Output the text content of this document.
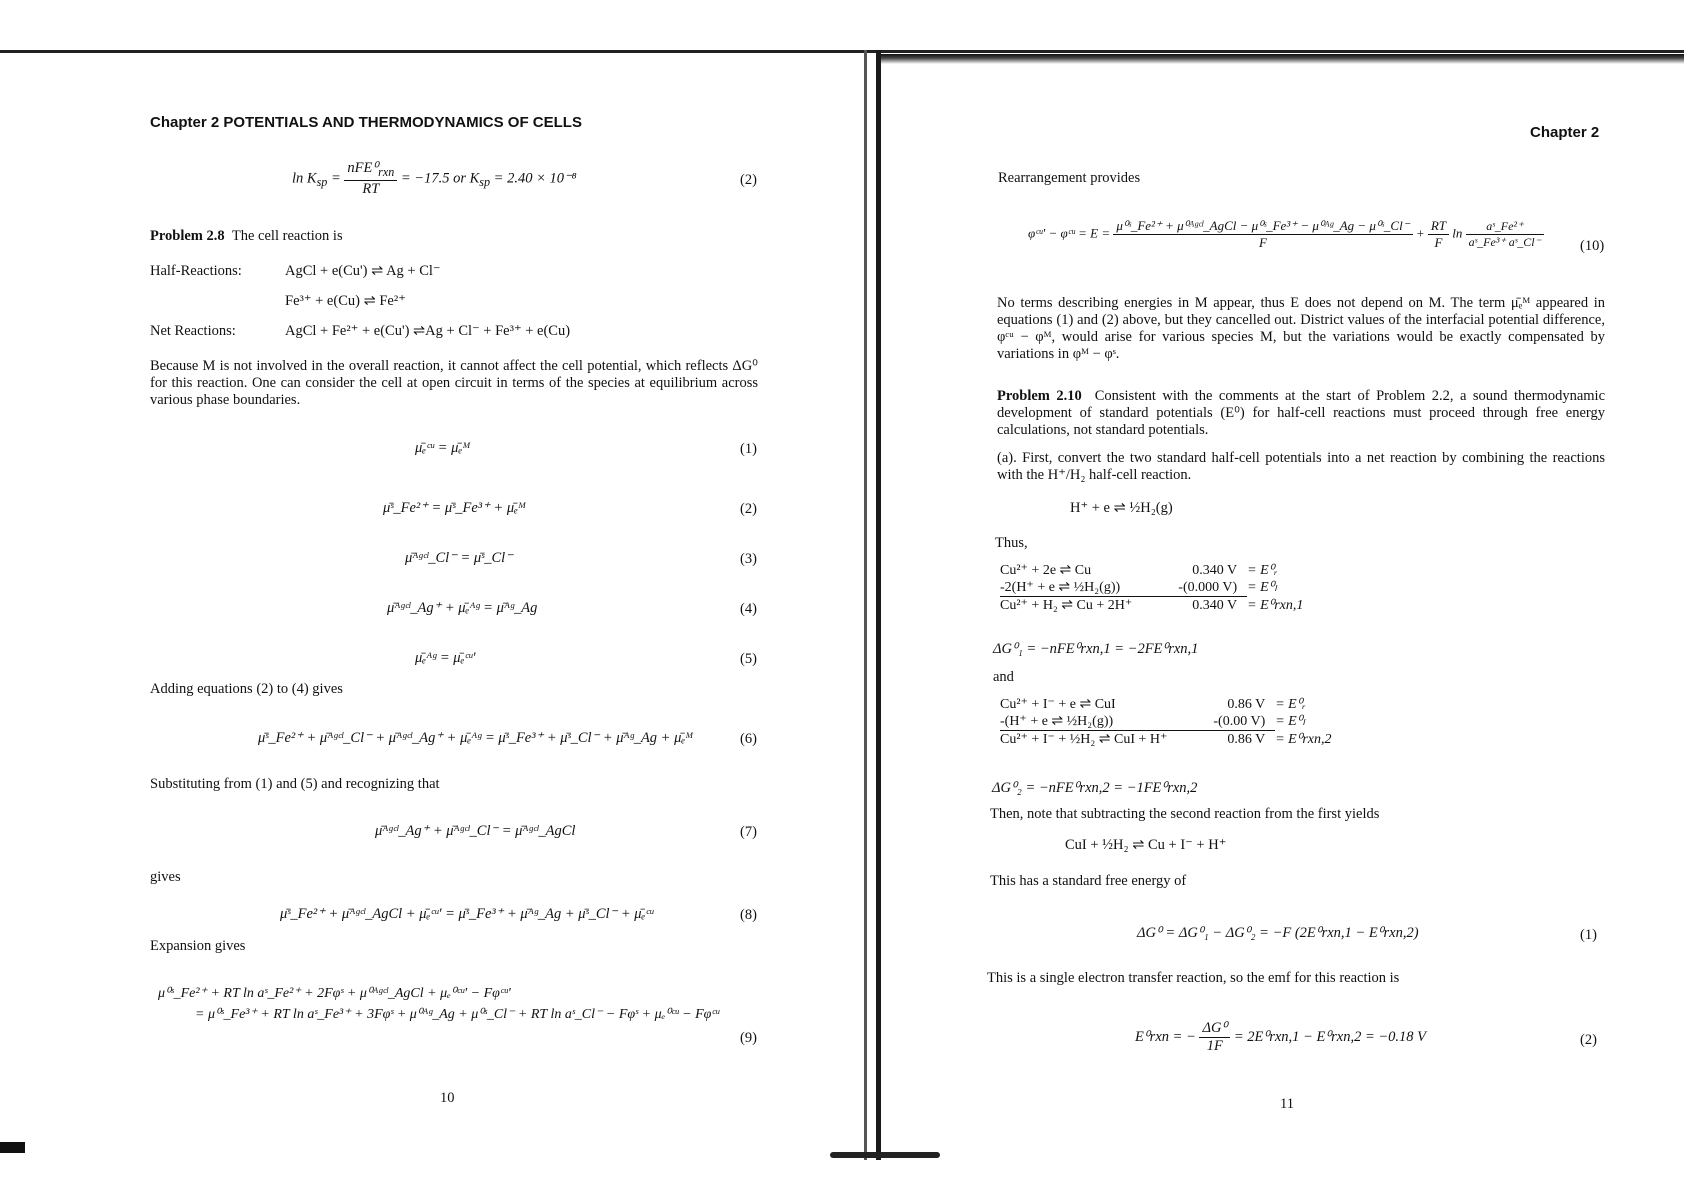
Chapter 2 POTENTIALS AND THERMODYNAMICS OF CELLS
$\ln K_{sp} = \frac{nFE^0_{rxn}}{RT} = -17.5$ or $K_{sp} = 2.40 \times 10^{-8}$	(2)
Problem 2.8 The cell reaction is
Half-Reactions:	AgCl + e(Cu') ⇌ Ag + Cl⁻
Fe³⁺ + e(Cu) ⇌ Fe²⁺
Net Reactions:	AgCl + Fe²⁺ + e(Cu') ⇌Ag + Cl⁻ + Fe³⁺ + e(Cu)
Because M is not involved in the overall reaction, it cannot affect the cell potential, which reflects ΔG⁰ for this reaction. One can consider the cell at open circuit in terms of the species at equilibrium across various phase boundaries.
μ̄ₑᶜᵘ = μ̄ₑᴹ	(1)
μ̄ˢ_Fe²⁺ = μ̄ˢ_Fe³⁺ + μ̄ₑᴹ	(2)
μ̄ᴬᵍᶜˡ_Cl⁻ = μ̄ˢ_Cl⁻	(3)
μ̄ᴬᵍᶜˡ_Ag⁺ + μ̄ₑᴬᵍ = μ̄ᴬᵍ_Ag	(4)
μ̄ₑᴬᵍ = μ̄ₑᶜᵘ'	(5)
Adding equations (2) to (4) gives
μ̄ˢ_Fe²⁺ + μ̄ᴬᵍᶜˡ_Cl⁻ + μ̄ᴬᵍᶜˡ_Ag⁺ + μ̄ₑᴬᵍ = μ̄ˢ_Fe³⁺ + μ̄ˢ_Cl⁻ + μ̄ᴬᵍ_Ag + μ̄ₑᴹ	(6)
Substituting from (1) and (5) and recognizing that
μ̄ᴬᵍᶜˡ_Ag⁺ + μ̄ᴬᵍᶜˡ_Cl⁻ = μ̄ᴬᵍᶜˡ_AgCl	(7)
gives
μ̄ˢ_Fe²⁺ + μ̄ᴬᵍᶜˡ_AgCl + μ̄ₑᶜᵘ' = μ̄ˢ_Fe³⁺ + μ̄ᴬᵍ_Ag + μ̄ˢ_Cl⁻ + μ̄ₑᶜᵘ	(8)
Expansion gives
μ⁰ˢ_Fe²⁺ + RT ln aˢ_Fe²⁺ + 2Fφˢ + μ⁰ᴬᵍᶜˡ_AgCl + μₑ⁰ᶜᵘ' − Fφᶜᵘ'
= μ⁰ˢ_Fe³⁺ + RT ln aˢ_Fe³⁺ + 3Fφˢ + μ⁰ᴬᵍ_Ag + μ⁰ˢ_Cl⁻ + RT ln aˢ_Cl⁻ − Fφˢ + μₑ⁰ᶜᵘ − Fφᶜᵘ
(9)
10
Chapter 2
Rearrangement provides
φᶜᵘ' − φᶜᵘ = $E = \frac{\text{μ⁰ˢ\_Fe²⁺ + μ⁰ᴬᵍᶜˡ\_AgCl − μ⁰ˢ\_Fe³⁺ − μ⁰ᴬᵍ\_Ag − μ⁰ˢ\_Cl⁻}}{F} + \frac{RT}{F}$ $\ln \frac{\text{aˢ\_Fe²⁺}}{\text{aˢ\_Fe³⁺ aˢ\_Cl⁻}} (10)$
No terms describing energies in M appear, thus E does not depend on M. The term μ̄ₑᴹ appeared in equations (1) and (2) above, but they cancelled out. District values of the interfacial potential difference, φᶜᵘ − φᴹ, would arise for various species M, but the variations would be exactly compensated by variations in φᴹ − φˢ.
Problem 2.10 Consistent with the comments at the start of Problem 2.2, a sound thermodynamic development of standard potentials (E⁰) for half-cell reactions must proceed through free energy calculations, not standard potentials.
(a). First, convert the two standard half-cell potentials into a net reaction by combining the reactions with the H⁺/H₂ half-cell reaction.
H⁺ + e ⇌ ½H₂(g)
Thus,
Cu²⁺ + 2e ⇌ Cu	0.340 V	= E⁰ᵣ
-2(H⁺ + e ⇌ ½H₂(g))	-(0.000 V)	= E⁰ₗ
Cu²⁺ + H₂ ⇌ Cu + 2H⁺	0.340 V	= E⁰rxn,1
ΔG⁰₁ = −nFE⁰rxn,1 = −2FE⁰rxn,1
and
Cu²⁺ + I⁻ + e ⇌ CuI	0.86 V	= E⁰ᵣ
-(H⁺ + e ⇌ ½H₂(g))	-(0.00 V)	= E⁰ₗ
Cu²⁺ + I⁻ + ½H₂ ⇌ CuI + H⁺	0.86 V	= E⁰rxn,2
ΔG⁰₂ = −nFE⁰rxn,2 = −1FE⁰rxn,2
Then, note that subtracting the second reaction from the first yields
CuI + ½H₂ ⇌ Cu + I⁻ + H⁺
This has a standard free energy of
ΔG⁰ = ΔG⁰₁ − ΔG⁰₂ = −F (2E⁰rxn,1 − E⁰rxn,2)	(1)
This is a single electron transfer reaction, so the emf for this reaction is
E⁰rxn = − $\frac{\text{ΔG⁰}}{1F} = 2E^0rxn,1 - E^0rxn,2 = -0.18$ V	(2)
11
